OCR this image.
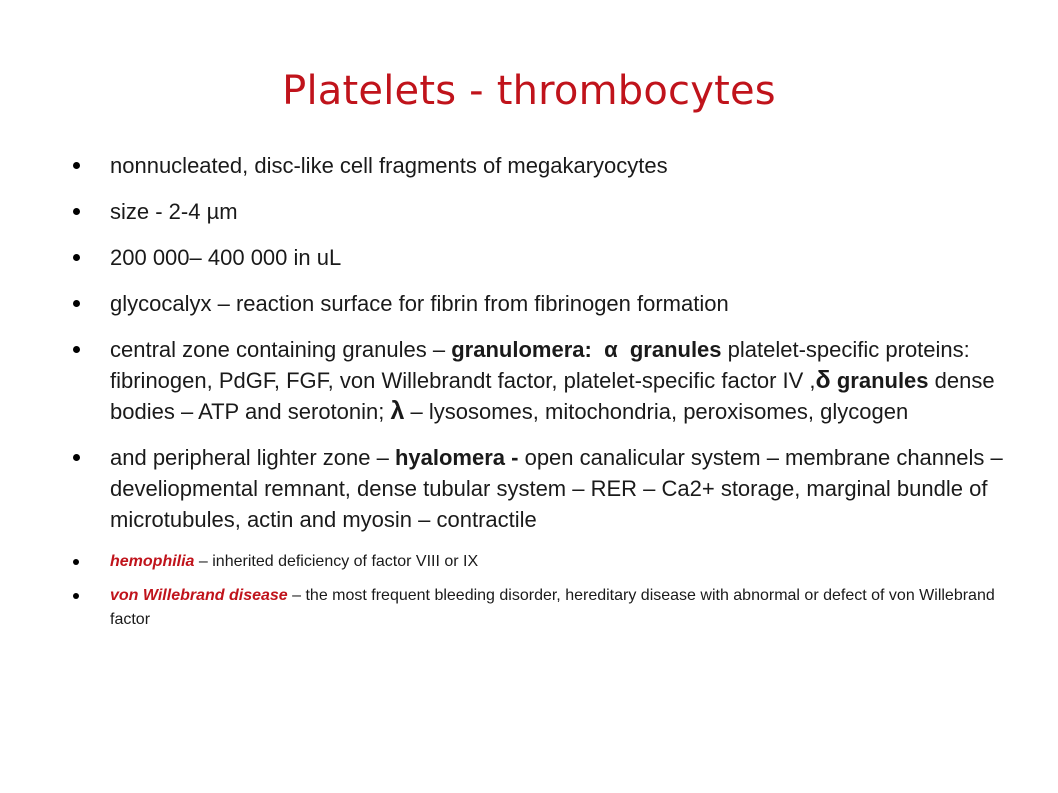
Platelets - thrombocytes
nonnucleated, disc-like cell fragments of megakaryocytes
size - 2-4 µm
200 000– 400 000 in uL
glycocalyx – reaction surface for fibrin from fibrinogen formation
central zone containing granules – granulomera: α granules platelet-specific proteins: fibrinogen, PdGF, FGF, von Willebrandt factor, platelet-specific factor IV ,δ granules dense bodies – ATP and serotonin; λ – lysosomes, mitochondria, peroxisomes, glycogen
and peripheral lighter zone – hyalomera - open canalicular system – membrane channels – develiopmental remnant, dense tubular system – RER – Ca2+ storage, marginal bundle of microtubules, actin and myosin – contractile
hemophilia – inherited deficiency of factor VIII or IX
von Willebrand disease – the most frequent bleeding disorder, hereditary disease with abnormal or defect of von Willebrand factor
